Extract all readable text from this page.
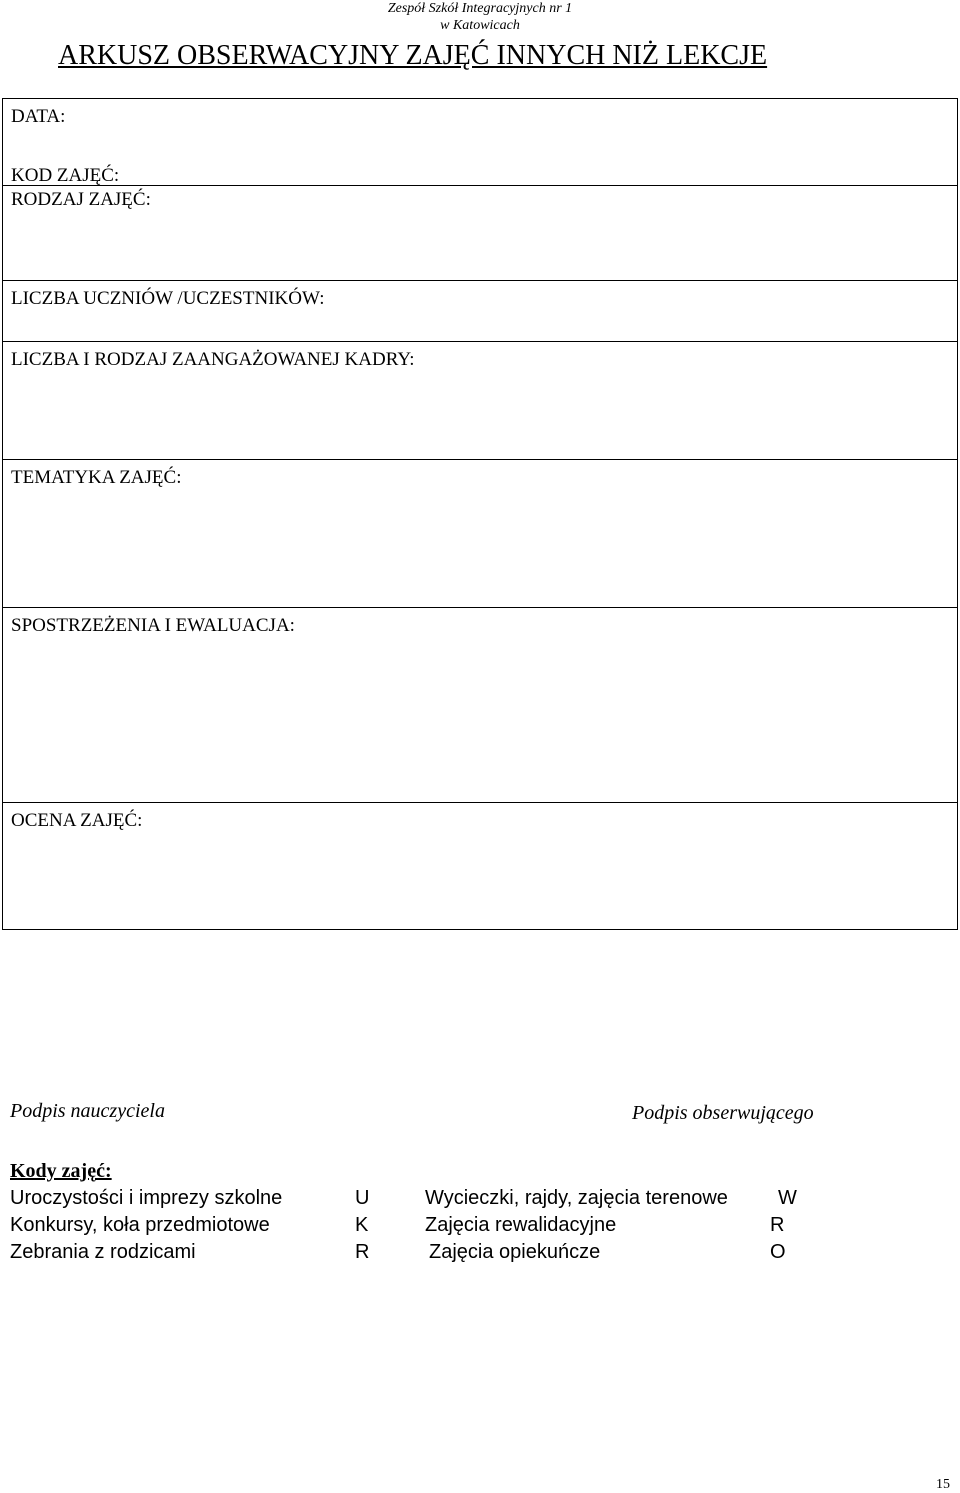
Zespół Szkół Integracyjnych nr 1
w Katowicach
ARKUSZ OBSERWACYJNY ZAJĘĆ INNYCH NIŻ LEKCJE
DATA:

KOD ZAJĘĆ:
RODZAJ ZAJĘĆ:

LICZBA UCZNIÓW /UCZESTNIKÓW:
LICZBA I RODZAJ ZAANGAŻOWANEJ KADRY:
TEMATYKA ZAJĘĆ:
SPOSTRZEŻENIA I EWALUACJA:
OCENA ZAJĘĆ:
Podpis nauczyciela	Podpis obserwującego
Kody zajęć:
Uroczystości i imprezy szkolne	U	Wycieczki, rajdy, zajęcia terenowe	W
Konkursy, koła przedmiotowe	K	Zajęcia rewalidacyjne	R
Zebrania z rodzicami	R	Zajęcia opiekuńcze	O
15
